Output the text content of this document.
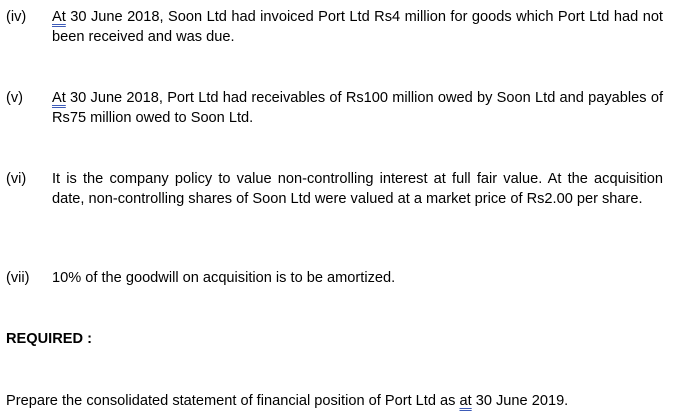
(iv) At 30 June 2018, Soon Ltd had invoiced Port Ltd Rs4 million for goods which Port Ltd had not been received and was due.
(v) At 30 June 2018, Port Ltd had receivables of Rs100 million owed by Soon Ltd and payables of Rs75 million owed to Soon Ltd.
(vi) It is the company policy to value non-controlling interest at full fair value. At the acquisition date, non-controlling shares of Soon Ltd were valued at a market price of Rs2.00 per share.
(vii) 10% of the goodwill on acquisition is to be amortized.
REQUIRED :
Prepare the consolidated statement of financial position of Port Ltd as at 30 June 2019.
